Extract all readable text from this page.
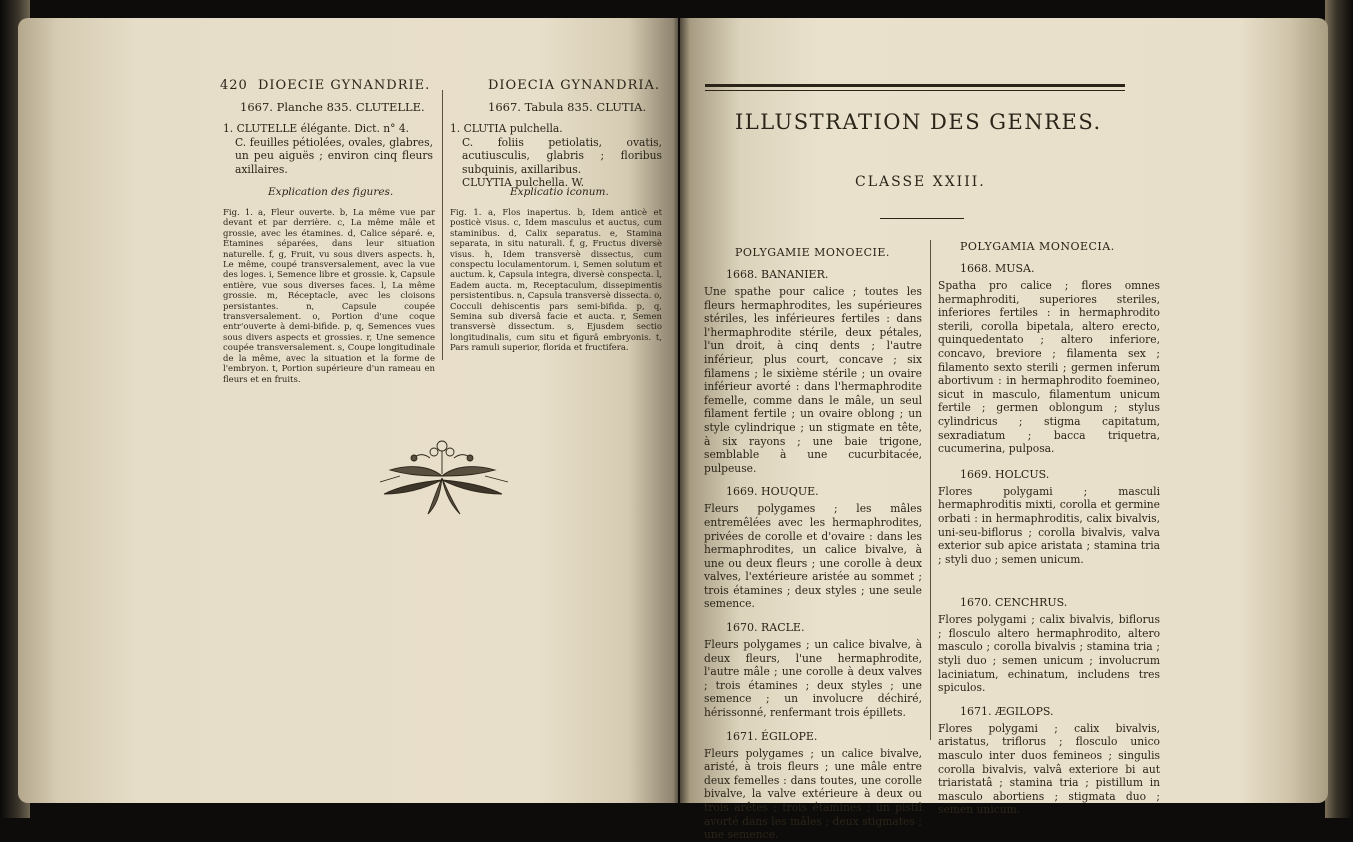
420 DIOECIE GYNANDRIE.	DIOECIA GYNANDRIA.
1667. Planche 835. CLUTELLE.	1667. Tabula 835. CLUTIA.

1. CLUTELLE élégante. Dict. n° 4.

C. feuilles pétiolées, ovales, glabres, un peu aiguës ; environ cinq fleurs axillaires.

1. CLUTIA pulchella.

C. foliis petiolatis, ovatis, acutiusculis, glabris ; floribus subquinis, axillaribus.

CLUYTIA pulchella. W.

Explication des figures.	Explicatio iconum.
Fig. 1. a, Fleur ouverte. b, La même vue par devant et par derrière. c, La même mâle et grossie, avec les étamines. d, Calice séparé. e, Étamines séparées, dans leur situation naturelle. f, g, Fruit, vu sous divers aspects. h, Le même, coupé transversalement, avec la vue des loges. i, Semence libre et grossie. k, Capsule entière, vue sous diverses faces. l, La même grossie. m, Réceptacle, avec les cloisons persistantes. n, Capsule coupée transversalement. o, Portion d'une coque entr'ouverte à demi-bifide. p, q, Semences vues sous divers aspects et grossies. r, Une semence coupée transversalement. s, Coupe longitudinale de la même, avec la situation et la forme de l'embryon. t, Portion supérieure d'un rameau en fleurs et en fruits.
Fig. 1. a, Flos inapertus. b, Idem anticè et posticè visus. c, Idem masculus et auctus, cum staminibus. d, Calix separatus. e, Stamina separata, in situ naturali. f, g, Fructus diversè visus. h, Idem transversè dissectus, cum conspectu loculamentorum. i, Semen solutum et auctum. k, Capsula integra, diversè conspecta. l, Eadem aucta. m, Receptaculum, dissepimentis persistentibus. n, Capsula transversè dissecta. o, Cocculi dehiscentis pars semi-bifida. p, q, Semina sub diversâ facie et aucta. r, Semen transversè dissectum. s, Ejusdem sectio longitudinalis, cum situ et figurâ embryonis. t, Pars ramuli superior, florida et fructifera.
ILLUSTRATION DES GENRES.
CLASSE XXIII.
POLYGAMIE MONOECIE.	POLYGAMIA MONOECIA.

1668. BANANIER.

Une spathe pour calice ; toutes les fleurs hermaphrodites, les supérieures stériles, les inférieures fertiles : dans l'hermaphrodite stérile, deux pétales, l'un droit, à cinq dents ; l'autre inférieur, plus court, concave ; six filamens ; le sixième stérile ; un ovaire inférieur avorté : dans l'hermaphrodite femelle, comme dans le mâle, un seul filament fertile ; un ovaire oblong ; un style cylindrique ; un stigmate en tête, à six rayons ; une baie trigone, semblable à une cucurbitacée, pulpeuse.

1669. HOUQUE.

Fleurs polygames ; les mâles entremêlées avec les hermaphrodites, privées de corolle et d'ovaire : dans les hermaphrodites, un calice bivalve, à une ou deux fleurs ; une corolle à deux valves, l'extérieure aristée au sommet ; trois étamines ; deux styles ; une seule semence.

1670. RACLE.

Fleurs polygames ; un calice bivalve, à deux fleurs, l'une hermaphrodite, l'autre mâle ; une corolle à deux valves ; trois étamines ; deux styles ; une semence ; un involucre déchiré, hérissonné, renfermant trois épillets.

1671. ÉGILOPE.

Fleurs polygames ; un calice bivalve, aristé, à trois fleurs ; une mâle entre deux femelles : dans toutes, une corolle bivalve, la valve extérieure à deux ou trois arêtes ; trois étamines ; un pistil avorté dans les mâles ; deux stigmates ; une semence.

1668. MUSA.

Spatha pro calice ; flores omnes hermaphroditi, superiores steriles, inferiores fertiles : in hermaphrodito sterili, corolla bipetala, altero erecto, quinquedentato ; altero inferiore, concavo, breviore ; filamenta sex ; filamento sexto sterili ; germen inferum abortivum : in hermaphrodito foemineo, sicut in masculo, filamentum unicum fertile ; germen oblongum ; stylus cylindricus ; stigma capitatum, sexradiatum ; bacca triquetra, cucumerina, pulposa.

1669. HOLCUS.

Flores polygami ; masculi hermaphroditis mixti, corolla et germine orbati : in hermaphroditis, calix bivalvis, uni-seu-biflorus ; corolla bivalvis, valva exterior sub apice aristata ; stamina tria ; styli duo ; semen unicum.

1670. CENCHRUS.

Flores polygami ; calix bivalvis, biflorus ; flosculo altero hermaphrodito, altero masculo ; corolla bivalvis ; stamina tria ; styli duo ; semen unicum ; involucrum laciniatum, echinatum, includens tres spiculos.

1671. ÆGILOPS.

Flores polygami ; calix bivalvis, aristatus, triflorus ; flosculo unico masculo inter duos femineos ; singulis corolla bivalvis, valvâ exteriore bi aut triaristatâ ; stamina tria ; pistillum in masculo abortiens ; stigmata duo ; semen unicum.
